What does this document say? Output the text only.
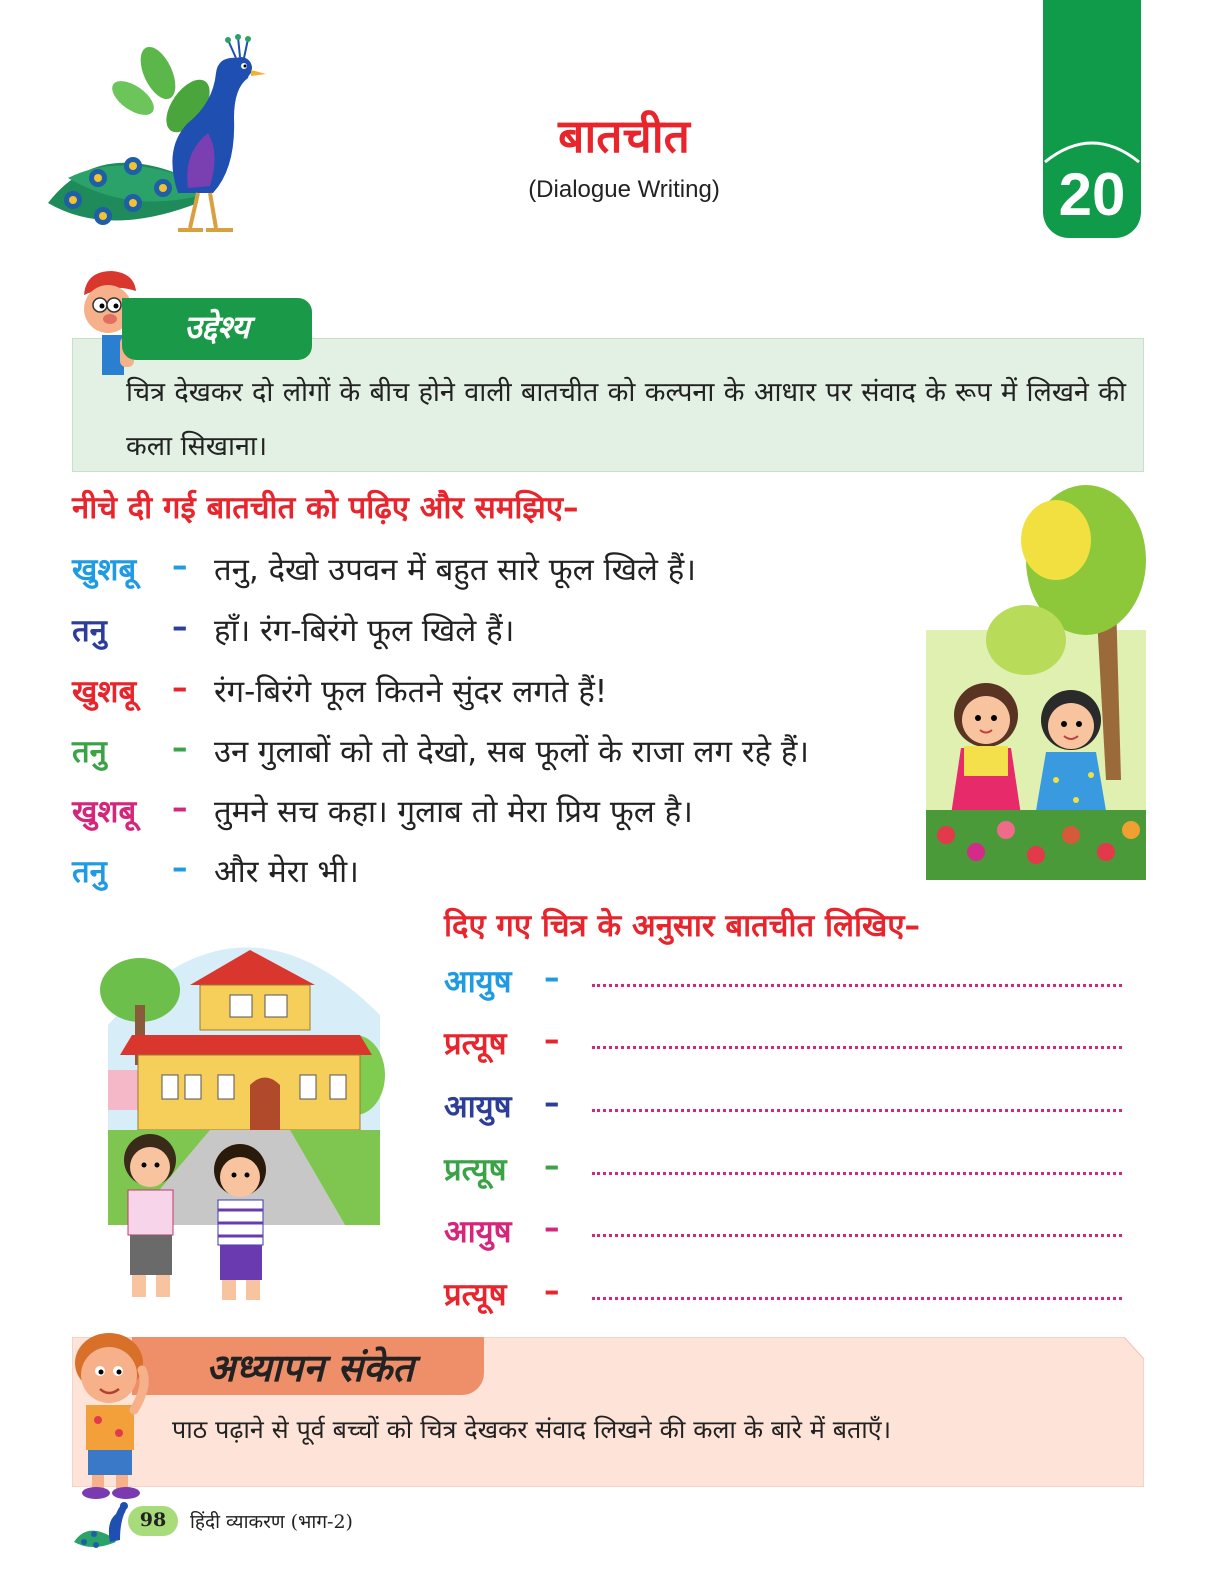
बातचीत
(Dialogue Writing)	20
उद्देश्य
चित्र देखकर दो लोगों के बीच होने वाली बातचीत को कल्पना के आधार पर संवाद के रूप में लिखने की कला सिखाना।
नीचे दी गई बातचीत को पढ़िए और समझिए–
खुशबू – तनु, देखो उपवन में बहुत सारे फूल खिले हैं।
तनु – हाँ। रंग-बिरंगे फूल खिले हैं।
खुशबू – रंग-बिरंगे फूल कितने सुंदर लगते हैं!
तनु – उन गुलाबों को तो देखो, सब फूलों के राजा लग रहे हैं।
खुशबू – तुमने सच कहा। गुलाब तो मेरा प्रिय फूल है।
तनु – और मेरा भी।
दिए गए चित्र के अनुसार बातचीत लिखिए–
आयुष –
प्रत्यूष –
आयुष –
प्रत्यूष –
आयुष –
प्रत्यूष –
अध्यापन संकेत
पाठ पढ़ाने से पूर्व बच्चों को चित्र देखकर संवाद लिखने की कला के बारे में बताएँ।
98	हिंदी व्याकरण (भाग-2)
